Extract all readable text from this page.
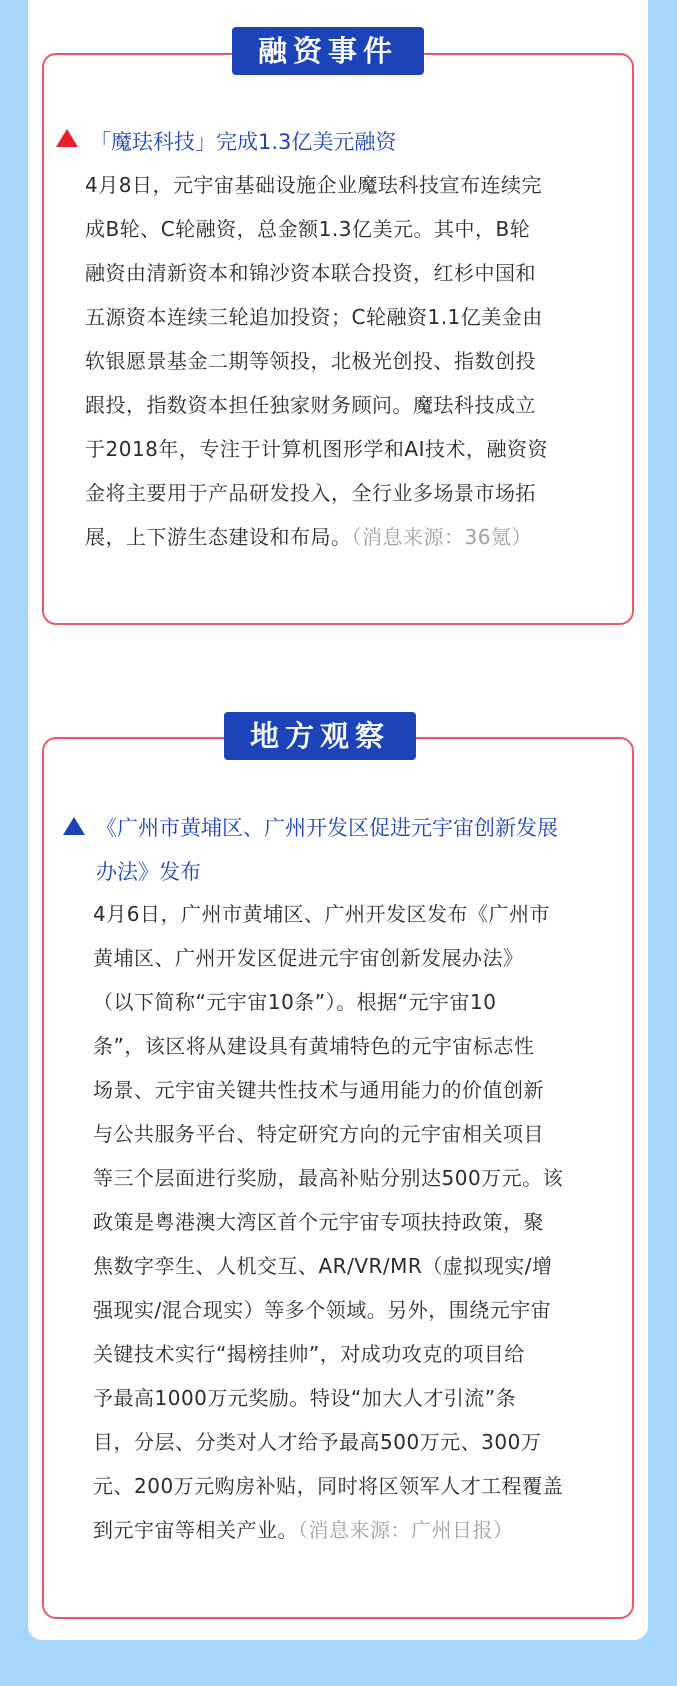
融资事件
「魔珐科技」完成1.3亿美元融资
4月8日，元宇宙基础设施企业魔珐科技宣布连续完
成B轮、C轮融资，总金额1.3亿美元。其中，B轮
融资由清新资本和锦沙资本联合投资，红杉中国和
五源资本连续三轮追加投资；C轮融资1.1亿美金由
软银愿景基金二期等领投，北极光创投、指数创投
跟投，指数资本担任独家财务顾问。魔珐科技成立
于2018年，专注于计算机图形学和AI技术，融资资
金将主要用于产品研发投入，全行业多场景市场拓
展，上下游生态建设和布局。（消息来源：36氪）
地方观察
《广州市黄埔区、广州开发区促进元宇宙创新发展
办法》发布
4月6日，广州市黄埔区、广州开发区发布《广州市
黄埔区、广州开发区促进元宇宙创新发展办法》
（以下简称“元宇宙10条”）。根据“元宇宙10
条”，该区将从建设具有黄埔特色的元宇宙标志性
场景、元宇宙关键共性技术与通用能力的价值创新
与公共服务平台、特定研究方向的元宇宙相关项目
等三个层面进行奖励，最高补贴分别达500万元。该
政策是粤港澳大湾区首个元宇宙专项扶持政策，聚
焦数字孪生、人机交互、AR/VR/MR（虚拟现实/增
强现实/混合现实）等多个领域。另外，围绕元宇宙
关键技术实行“揭榜挂帅”，对成功攻克的项目给
予最高1000万元奖励。特设“加大人才引流”条
目，分层、分类对人才给予最高500万元、300万
元、200万元购房补贴，同时将区领军人才工程覆盖
到元宇宙等相关产业。（消息来源：广州日报）
